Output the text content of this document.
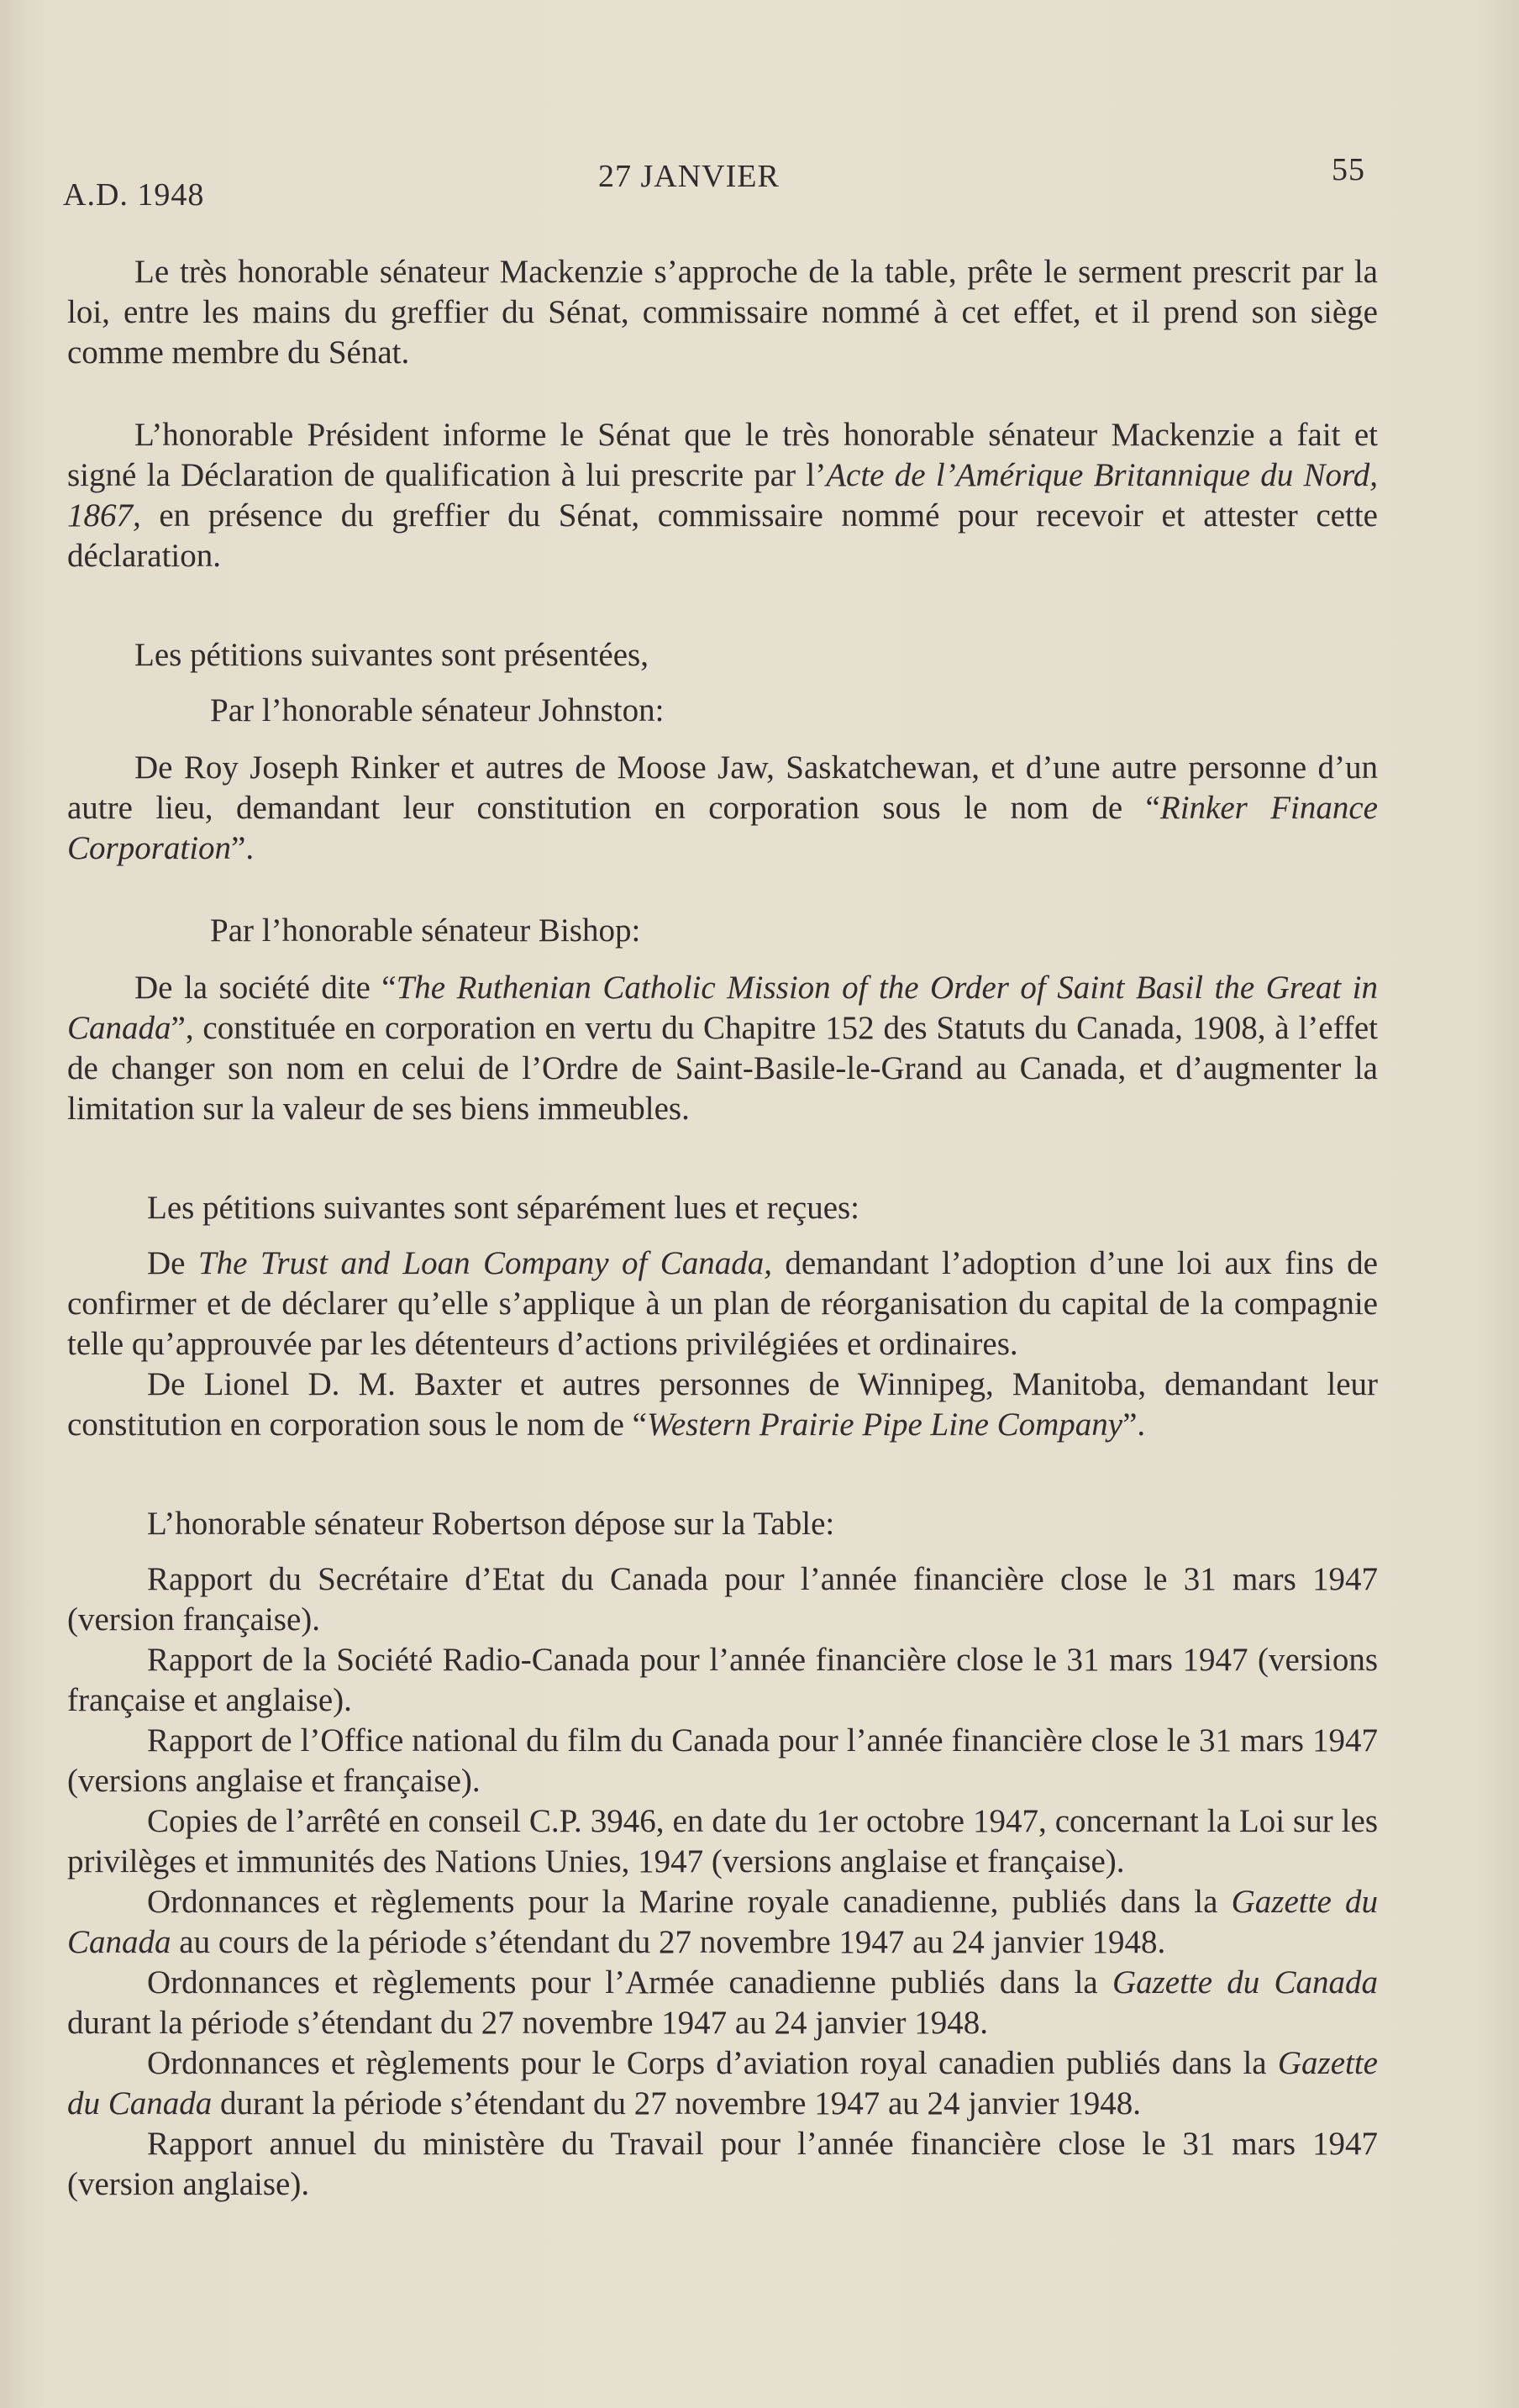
A.D. 1948
27 JANVIER	55

Le très honorable sénateur Mackenzie s’approche de la table, prête le serment prescrit par la loi, entre les mains du greffier du Sénat, commissaire nommé à cet effet, et il prend son siège comme membre du Sénat.

L’honorable Président informe le Sénat que le très honorable sénateur Mackenzie a fait et signé la Déclaration de qualification à lui prescrite par l’Acte de l’Amérique Britannique du Nord, 1867, en présence du greffier du Sénat, commissaire nommé pour recevoir et attester cette déclaration.

Les pétitions suivantes sont présentées,

Par l’honorable sénateur Johnston:

De Roy Joseph Rinker et autres de Moose Jaw, Saskatchewan, et d’une autre personne d’un autre lieu, demandant leur constitution en corporation sous le nom de “Rinker Finance Corporation”.

Par l’honorable sénateur Bishop:

De la société dite “The Ruthenian Catholic Mission of the Order of Saint Basil the Great in Canada”, constituée en corporation en vertu du Chapitre 152 des Statuts du Canada, 1908, à l’effet de changer son nom en celui de l’Ordre de Saint-Basile-le-Grand au Canada, et d’augmenter la limitation sur la valeur de ses biens immeubles.

Les pétitions suivantes sont séparément lues et reçues:

De The Trust and Loan Company of Canada, demandant l’adoption d’une loi aux fins de confirmer et de déclarer qu’elle s’applique à un plan de réorganisation du capital de la compagnie telle qu’approuvée par les détenteurs d’actions privilégiées et ordinaires.

De Lionel D. M. Baxter et autres personnes de Winnipeg, Manitoba, demandant leur constitution en corporation sous le nom de “Western Prairie Pipe Line Company”.

L’honorable sénateur Robertson dépose sur la Table:

Rapport du Secrétaire d’Etat du Canada pour l’année financière close le 31 mars 1947 (version française).

Rapport de la Société Radio-Canada pour l’année financière close le 31 mars 1947 (versions française et anglaise).

Rapport de l’Office national du film du Canada pour l’année financière close le 31 mars 1947 (versions anglaise et française).

Copies de l’arrêté en conseil C.P. 3946, en date du 1er octobre 1947, concernant la Loi sur les privilèges et immunités des Nations Unies, 1947 (versions anglaise et française).

Ordonnances et règlements pour la Marine royale canadienne, publiés dans la Gazette du Canada au cours de la période s’étendant du 27 novembre 1947 au 24 janvier 1948.

Ordonnances et règlements pour l’Armée canadienne publiés dans la Gazette du Canada durant la période s’étendant du 27 novembre 1947 au 24 janvier 1948.

Ordonnances et règlements pour le Corps d’aviation royal canadien publiés dans la Gazette du Canada durant la période s’étendant du 27 novembre 1947 au 24 janvier 1948.

Rapport annuel du ministère du Travail pour l’année financière close le 31 mars 1947 (version anglaise).
